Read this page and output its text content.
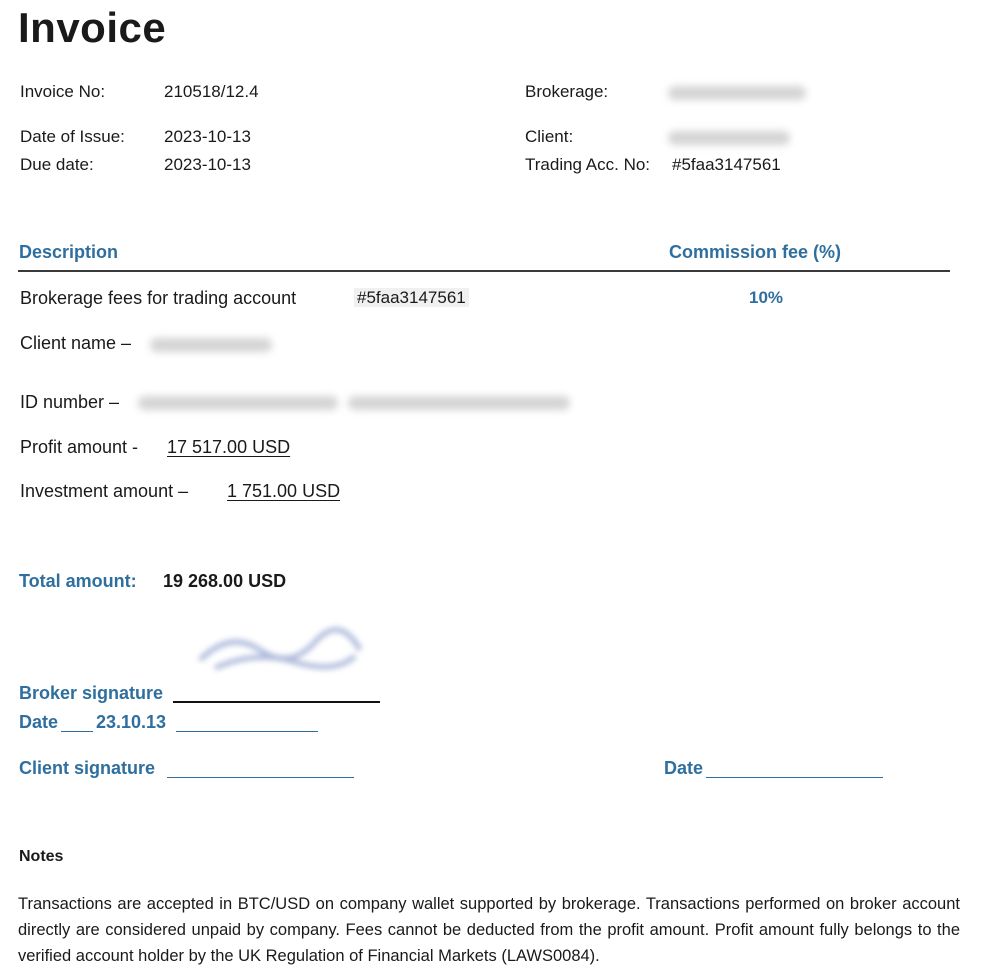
Invoice
Invoice No:	210518/12.4
Date of Issue: 2023-10-13
Due date:	2023-10-13
Brokerage:
Client:
Trading Acc. No: #5faa3147561
Description	Commission fee (%)
Brokerage fees for trading account	#5faa3147561	10%
Client name –
ID number –
Profit amount - 17 517.00 USD
Investment amount – 1 751.00 USD
Total amount: 19 268.00 USD
Broker signature
Date 23.10.13
Client signature	Date
Notes
Transactions are accepted in BTC/USD on company wallet supported by brokerage. Transactions performed on broker account directly are considered unpaid by company. Fees cannot be deducted from the profit amount. Profit amount fully belongs to the verified account holder by the UK Regulation of Financial Markets (LAWS0084).
